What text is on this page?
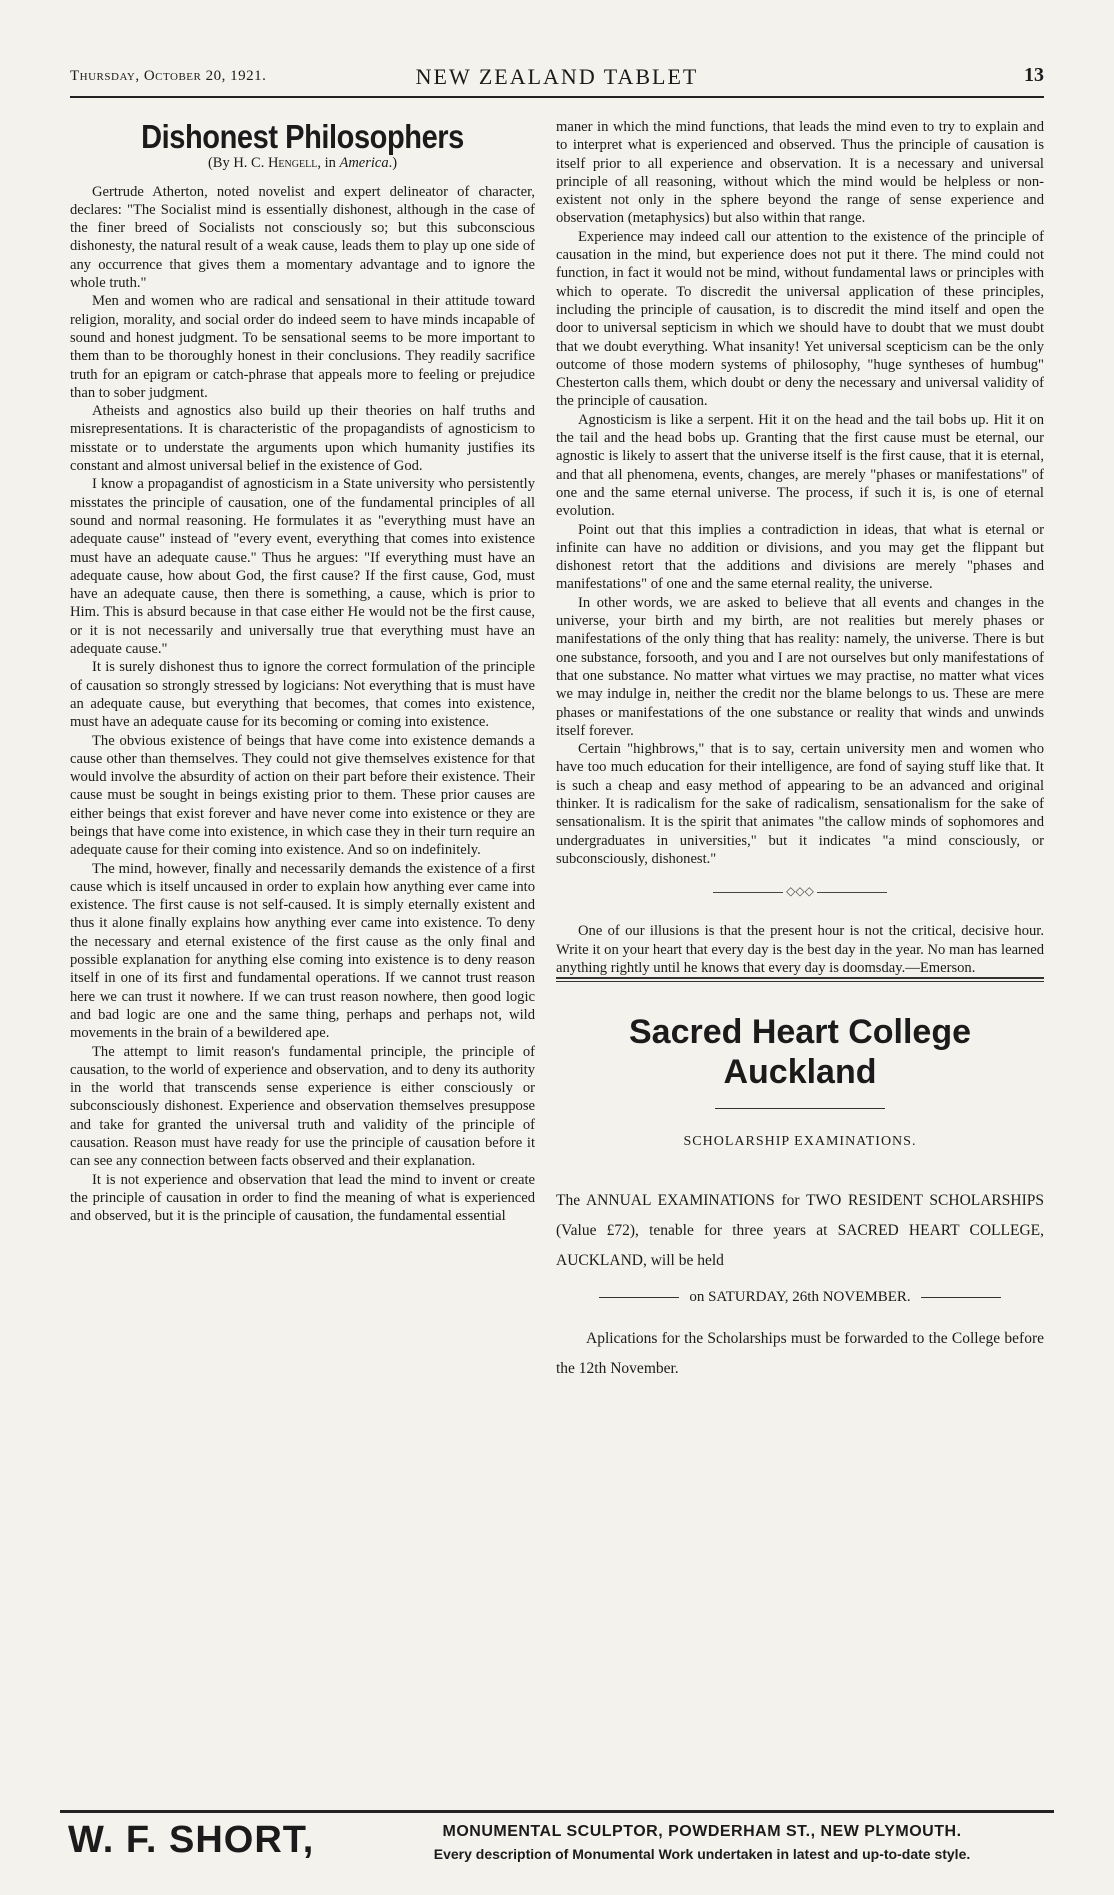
Thursday, October 20, 1921.	NEW ZEALAND TABLET	13
Dishonest Philosophers
(By H. C. Hengell, in America.)

Gertrude Atherton, noted novelist and expert delineator of character, declares: "The Socialist mind is essentially dishonest, although in the case of the finer breed of Socialists not consciously so; but this subconscious dishonesty, the natural result of a weak cause, leads them to play up one side of any occurrence that gives them a momentary advantage and to ignore the whole truth."

Men and women who are radical and sensational in their attitude toward religion, morality, and social order do indeed seem to have minds incapable of sound and honest judgment. To be sensational seems to be more important to them than to be thoroughly honest in their conclusions. They readily sacrifice truth for an epigram or catch-phrase that appeals more to feeling or prejudice than to sober judgment.

Atheists and agnostics also build up their theories on half truths and misrepresentations. It is characteristic of the propagandists of agnosticism to misstate or to understate the arguments upon which humanity justifies its constant and almost universal belief in the existence of God.

I know a propagandist of agnosticism in a State university who persistently misstates the principle of causation, one of the fundamental principles of all sound and normal reasoning. He formulates it as "everything must have an adequate cause" instead of "every event, everything that comes into existence must have an adequate cause." Thus he argues: "If everything must have an adequate cause, how about God, the first cause? If the first cause, God, must have an adequate cause, then there is something, a cause, which is prior to Him. This is absurd because in that case either He would not be the first cause, or it is not necessarily and universally true that everything must have an adequate cause."

It is surely dishonest thus to ignore the correct formulation of the principle of causation so strongly stressed by logicians: Not everything that is must have an adequate cause, but everything that becomes, that comes into existence, must have an adequate cause for its becoming or coming into existence.

The obvious existence of beings that have come into existence demands a cause other than themselves. They could not give themselves existence for that would involve the absurdity of action on their part before their existence. Their cause must be sought in beings existing prior to them. These prior causes are either beings that exist forever and have never come into existence or they are beings that have come into existence, in which case they in their turn require an adequate cause for their coming into existence. And so on indefinitely.

The mind, however, finally and necessarily demands the existence of a first cause which is itself uncaused in order to explain how anything ever came into existence. The first cause is not self-caused. It is simply eternally existent and thus it alone finally explains how anything ever came into existence. To deny the necessary and eternal existence of the first cause as the only final and possible explanation for anything else coming into existence is to deny reason itself in one of its first and fundamental operations. If we cannot trust reason here we can trust it nowhere. If we can trust reason nowhere, then good logic and bad logic are one and the same thing, perhaps and perhaps not, wild movements in the brain of a bewildered ape.

The attempt to limit reason's fundamental principle, the principle of causation, to the world of experience and observation, and to deny its authority in the world that transcends sense experience is either consciously or subconsciously dishonest. Experience and observation themselves presuppose and take for granted the universal truth and validity of the principle of causation. Reason must have ready for use the principle of causation before it can see any connection between facts observed and their explanation.

It is not experience and observation that lead the mind to invent or create the principle of causation in order to find the meaning of what is experienced and observed, but it is the principle of causation, the fundamental essential

maner in which the mind functions, that leads the mind even to try to explain and to interpret what is experienced and observed. Thus the principle of causation is itself prior to all experience and observation. It is a necessary and universal principle of all reasoning, without which the mind would be helpless or non-existent not only in the sphere beyond the range of sense experience and observation (metaphysics) but also within that range.

Experience may indeed call our attention to the existence of the principle of causation in the mind, but experience does not put it there. The mind could not function, in fact it would not be mind, without fundamental laws or principles with which to operate. To discredit the universal application of these principles, including the principle of causation, is to discredit the mind itself and open the door to universal septicism in which we should have to doubt that we must doubt that we doubt everything. What insanity! Yet universal scepticism can be the only outcome of those modern systems of philosophy, "huge syntheses of humbug" Chesterton calls them, which doubt or deny the necessary and universal validity of the principle of causation.

Agnosticism is like a serpent. Hit it on the head and the tail bobs up. Hit it on the tail and the head bobs up. Granting that the first cause must be eternal, our agnostic is likely to assert that the universe itself is the first cause, that it is eternal, and that all phenomena, events, changes, are merely "phases or manifestations" of one and the same eternal universe. The process, if such it is, is one of eternal evolution.

Point out that this implies a contradiction in ideas, that what is eternal or infinite can have no addition or divisions, and you may get the flippant but dishonest retort that the additions and divisions are merely "phases and manifestations" of one and the same eternal reality, the universe.

In other words, we are asked to believe that all events and changes in the universe, your birth and my birth, are not realities but merely phases or manifestations of the only thing that has reality: namely, the universe. There is but one substance, forsooth, and you and I are not ourselves but only manifestations of that one substance. No matter what virtues we may practise, no matter what vices we may indulge in, neither the credit nor the blame belongs to us. These are mere phases or manifestations of the one substance or reality that winds and unwinds itself forever.

Certain "highbrows," that is to say, certain university men and women who have too much education for their intelligence, are fond of saying stuff like that. It is such a cheap and easy method of appearing to be an advanced and original thinker. It is radicalism for the sake of radicalism, sensationalism for the sake of sensationalism. It is the spirit that animates "the callow minds of sophomores and undergraduates in universities," but it indicates "a mind consciously, or subconsciously, dishonest."

◇◇◇

One of our illusions is that the present hour is not the critical, decisive hour. Write it on your heart that every day is the best day in the year. No man has learned anything rightly until he knows that every day is doomsday.—Emerson.

Sacred Heart College
Auckland
SCHOLARSHIP EXAMINATIONS.
The ANNUAL EXAMINATIONS for TWO RESIDENT SCHOLARSHIPS (Value £72), tenable for three years at SACRED HEART COLLEGE, AUCKLAND, will be held
on SATURDAY, 26th NOVEMBER.
Aplications for the Scholarships must be forwarded to the College before the 12th November.
W. F. SHORT,	MONUMENTAL SCULPTOR, POWDERHAM ST., NEW PLYMOUTH.
Every description of Monumental Work undertaken in latest and up-to-date style.
